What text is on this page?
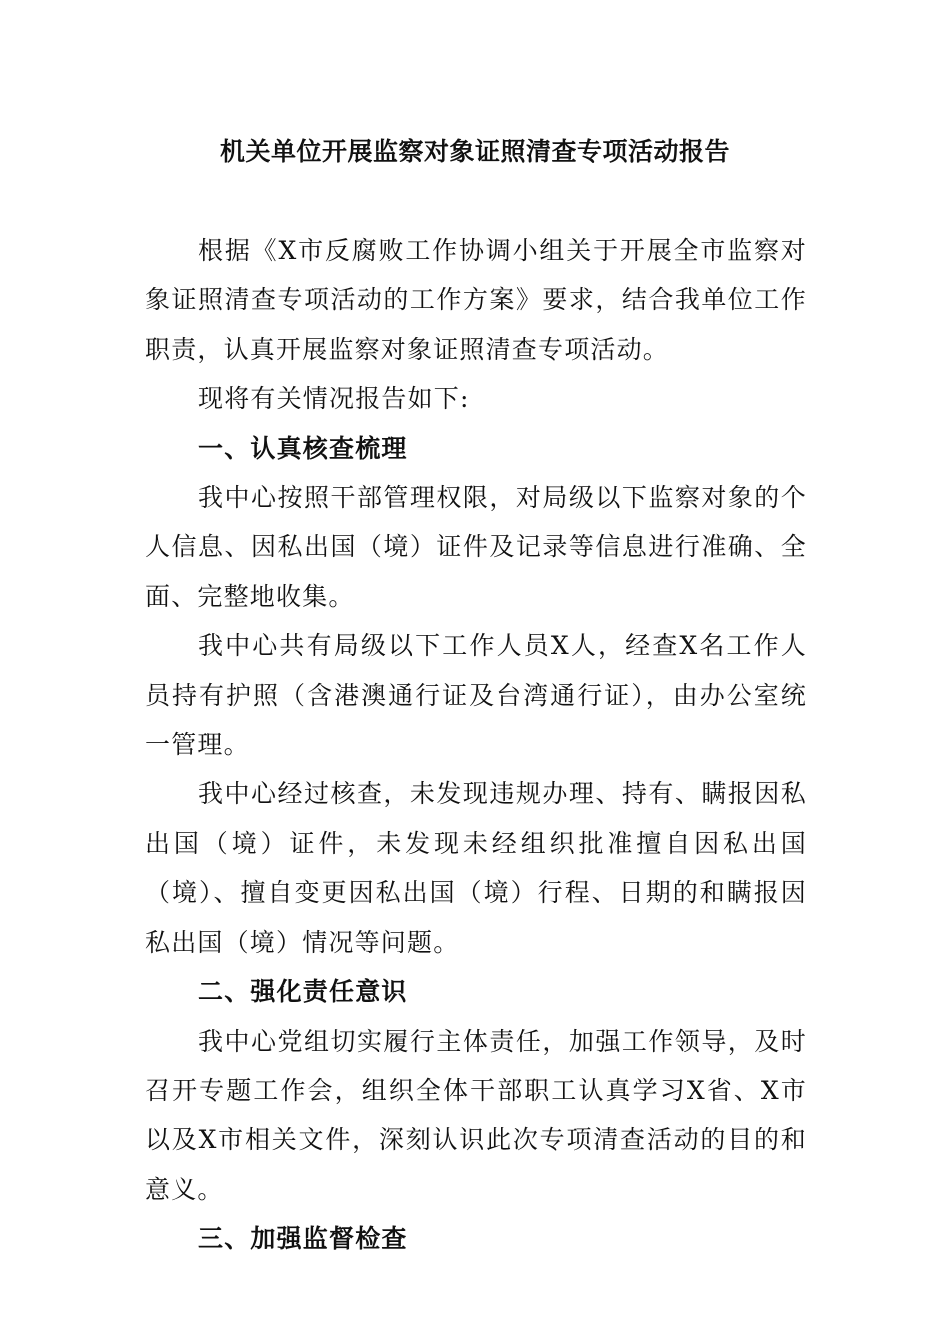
机关单位开展监察对象证照清查专项活动报告

根据《X市反腐败工作协调小组关于开展全市监察对象证照清查专项活动的工作方案》要求，结合我单位工作职责，认真开展监察对象证照清查专项活动。

现将有关情况报告如下:

一、认真核查梳理

我中心按照干部管理权限，对局级以下监察对象的个人信息、因私出国（境）证件及记录等信息进行准确、全面、完整地收集。

我中心共有局级以下工作人员X人，经查X名工作人员持有护照（含港澳通行证及台湾通行证），由办公室统一管理。

我中心经过核查，未发现违规办理、持有、瞒报因私出国（境）证件，未发现未经组织批准擅自因私出国（境）、擅自变更因私出国（境）行程、日期的和瞒报因私出国（境）情况等问题。

二、强化责任意识

我中心党组切实履行主体责任，加强工作领导，及时召开专题工作会，组织全体干部职工认真学习X省、X市以及X市相关文件，深刻认识此次专项清查活动的目的和意义。

三、加强监督检查
